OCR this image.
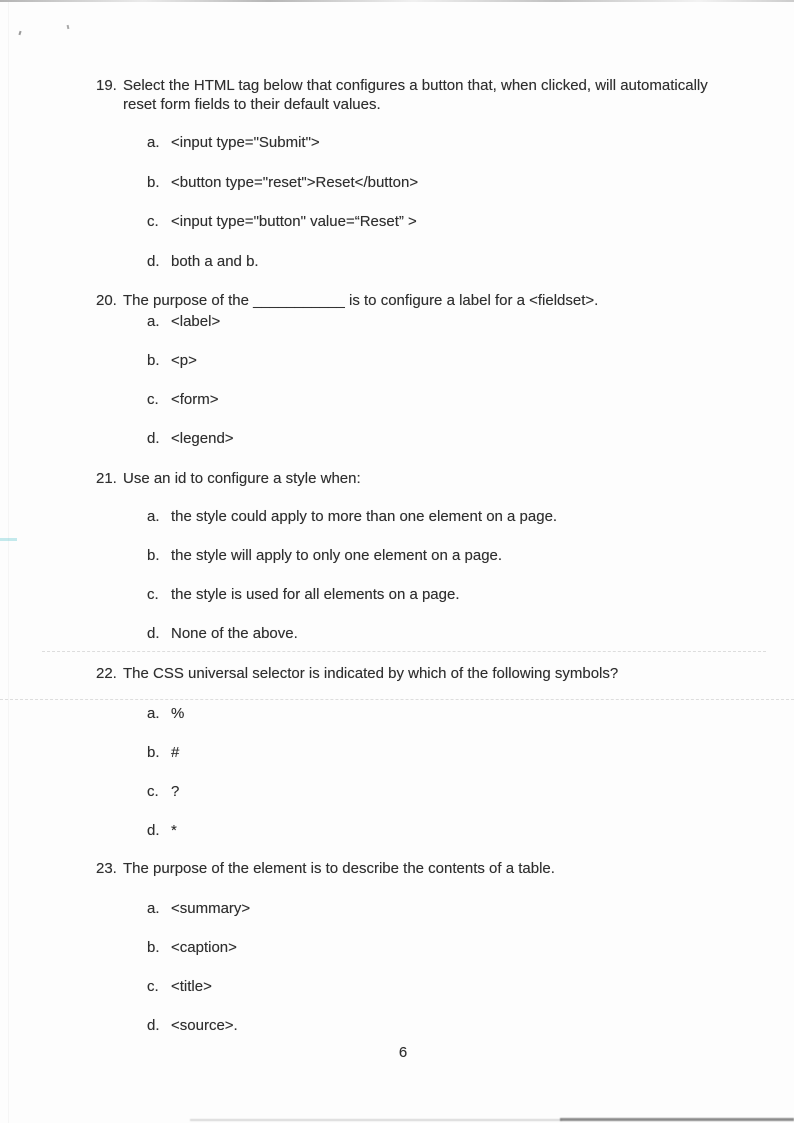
19. Select the HTML tag below that configures a button that, when clicked, will automatically
reset form fields to their default values.
a. <input type="Submit">
b. <button type="reset">Reset</button>
c. <input type="button" value=“Reset” >
d. both a and b.
20. The purpose of the ___________ is to configure a label for a <fieldset>.
a. <label>
b. <p>
c. <form>
d. <legend>
21. Use an id to configure a style when:
a. the style could apply to more than one element on a page.
b. the style will apply to only one element on a page.
c. the style is used for all elements on a page.
d. None of the above.
22. The CSS universal selector is indicated by which of the following symbols?
a. %
b. #
c. ?
d. *
23. The purpose of the element is to describe the contents of a table.
a. <summary>
b. <caption>
c. <title>
d. <source>.
6
